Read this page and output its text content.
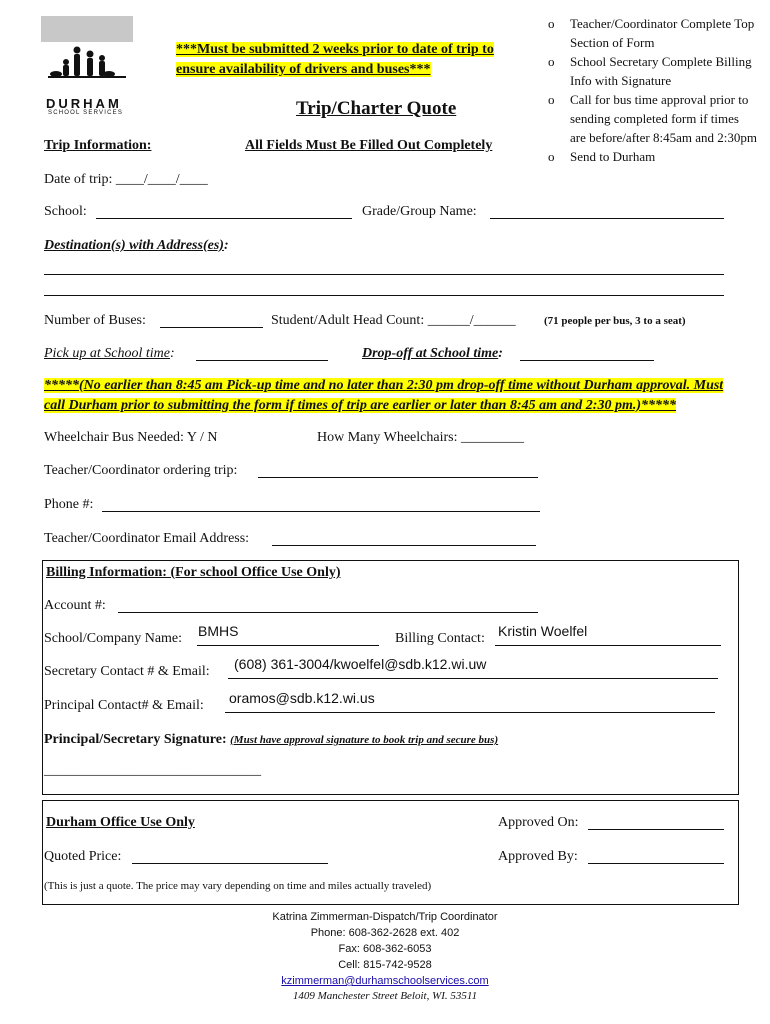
DURHAM
SCHOOL SERVICES
***Must be submitted 2 weeks prior to date of trip to ensure availability of drivers and buses***
Trip/Charter Quote
o Teacher/Coordinator Complete Top Section of Form
o School Secretary Complete Billing Info with Signature
o Call for bus time approval prior to sending completed form if times are before/after 8:45am and 2:30pm
o Send to Durham
Trip Information:	All Fields Must Be Filled Out Completely
Date of trip: ____/____/____
School:	Grade/Group Name:
Destination(s) with Address(es):
Number of Buses:	Student/Adult Head Count: ______/______	(71 people per bus, 3 to a seat)
Pick up at School time:	Drop-off at School time:
*****(No earlier than 8:45 am Pick-up time and no later than 2:30 pm drop-off time without Durham approval. Must call Durham prior to submitting the form if times of trip are earlier or later than 8:45 am and 2:30 pm.)*****
Wheelchair Bus Needed: Y / N	How Many Wheelchairs: _________
Teacher/Coordinator ordering trip:
Phone #:
Teacher/Coordinator Email Address:
Billing Information: (For school Office Use Only)
Account #:
School/Company Name: BMHS	Billing Contact: Kristin Woelfel
Secretary Contact # & Email: (608) 361-3004/kwoelfel@sdb.k12.wi.uw
Principal Contact# & Email: oramos@sdb.k12.wi.us
Principal/Secretary Signature: (Must have approval signature to book trip and secure bus)
_______________________________
Durham Office Use Only	Approved On:
Quoted Price:	Approved By:
(This is just a quote. The price may vary depending on time and miles actually traveled)
Katrina Zimmerman-Dispatch/Trip Coordinator
Phone: 608-362-2628 ext. 402
Fax: 608-362-6053
Cell: 815-742-9528
kzimmerman@durhamschoolservices.com
1409 Manchester Street Beloit, WI. 53511
